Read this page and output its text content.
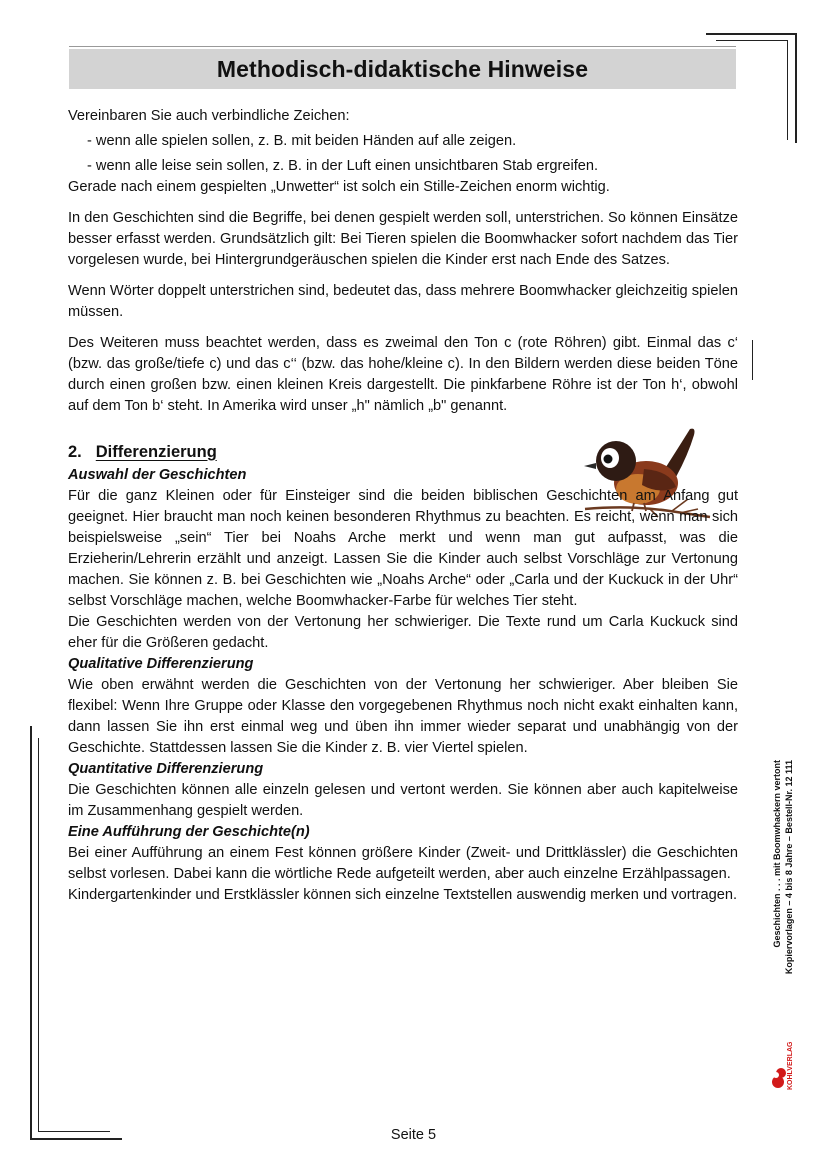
Methodisch-didaktische Hinweise

Vereinbaren Sie auch verbindliche Zeichen:

- wenn alle spielen sollen, z. B. mit beiden Händen auf alle zeigen.

- wenn alle leise sein sollen, z. B. in der Luft einen unsichtbaren Stab ergreifen.

Gerade nach einem gespielten „Unwetter“ ist solch ein Stille-Zeichen enorm wichtig.

In den Geschichten sind die Begriffe, bei denen gespielt werden soll, unterstrichen. So können Einsätze besser erfasst werden. Grundsätzlich gilt: Bei Tieren spielen die Boomwhacker sofort nachdem das Tier vorgelesen wurde, bei Hintergrundgeräuschen spielen die Kinder erst nach Ende des Satzes.

Wenn Wörter doppelt unterstrichen sind, bedeutet das, dass mehrere Boomwhacker gleichzeitig spielen müssen.

Des Weiteren muss beachtet werden, dass es zweimal den Ton c (rote Röhren) gibt. Einmal das c‘ (bzw. das große/tiefe c) und das c‘‘ (bzw. das hohe/kleine c). In den Bildern werden diese beiden Töne durch einen großen bzw. einen kleinen Kreis dargestellt. Die pinkfarbene Röhre ist der Ton h‘, obwohl auf dem Ton b‘ steht. In Amerika wird unser „h" nämlich „b" genannt.

2. Differenzierung

Auswahl der Geschichten

Für die ganz Kleinen oder für Einsteiger sind die beiden biblischen Geschichten am Anfang gut geeignet. Hier braucht man noch keinen besonderen Rhythmus zu beachten. Es reicht, wenn man sich beispielsweise „sein“ Tier bei Noahs Arche merkt und wenn man gut aufpasst, was die Erzieherin/Lehrerin erzählt und anzeigt. Lassen Sie die Kinder auch selbst Vorschläge zur Vertonung machen. Sie können z. B. bei Geschichten wie „Noahs Arche“ oder „Carla und der Kuckuck in der Uhr“ selbst Vorschläge machen, welche Boomwhacker-Farbe für welches Tier steht.

Die Geschichten werden von der Vertonung her schwieriger. Die Texte rund um Carla Kuckuck sind eher für die Größeren gedacht.

Qualitative Differenzierung

Wie oben erwähnt werden die Geschichten von der Vertonung her schwieriger. Aber bleiben Sie flexibel: Wenn Ihre Gruppe oder Klasse den vorgegebenen Rhythmus noch nicht exakt einhalten kann, dann lassen Sie ihn erst einmal weg und üben ihn immer wieder separat und unabhängig von der Geschichte. Stattdessen lassen Sie die Kinder z. B. vier Viertel spielen.

Quantitative Differenzierung

Die Geschichten können alle einzeln gelesen und vertont werden. Sie können aber auch kapitelweise im Zusammenhang gespielt werden.

Eine Aufführung der Geschichte(n)

Bei einer Aufführung an einem Fest können größere Kinder (Zweit- und Drittklässler) die Geschichten selbst vorlesen. Dabei kann die wörtliche Rede aufgeteilt werden, aber auch einzelne Erzählpassagen.

Kindergartenkinder und Erstklässler können sich einzelne Textstellen auswendig merken und vortragen.	Geschichten . . . mit Boomwhackern vertont Kopiervorlagen – 4 bis 8 Jahre – Bestell-Nr. 12 111
KOHLVERLAG
Seite 5
